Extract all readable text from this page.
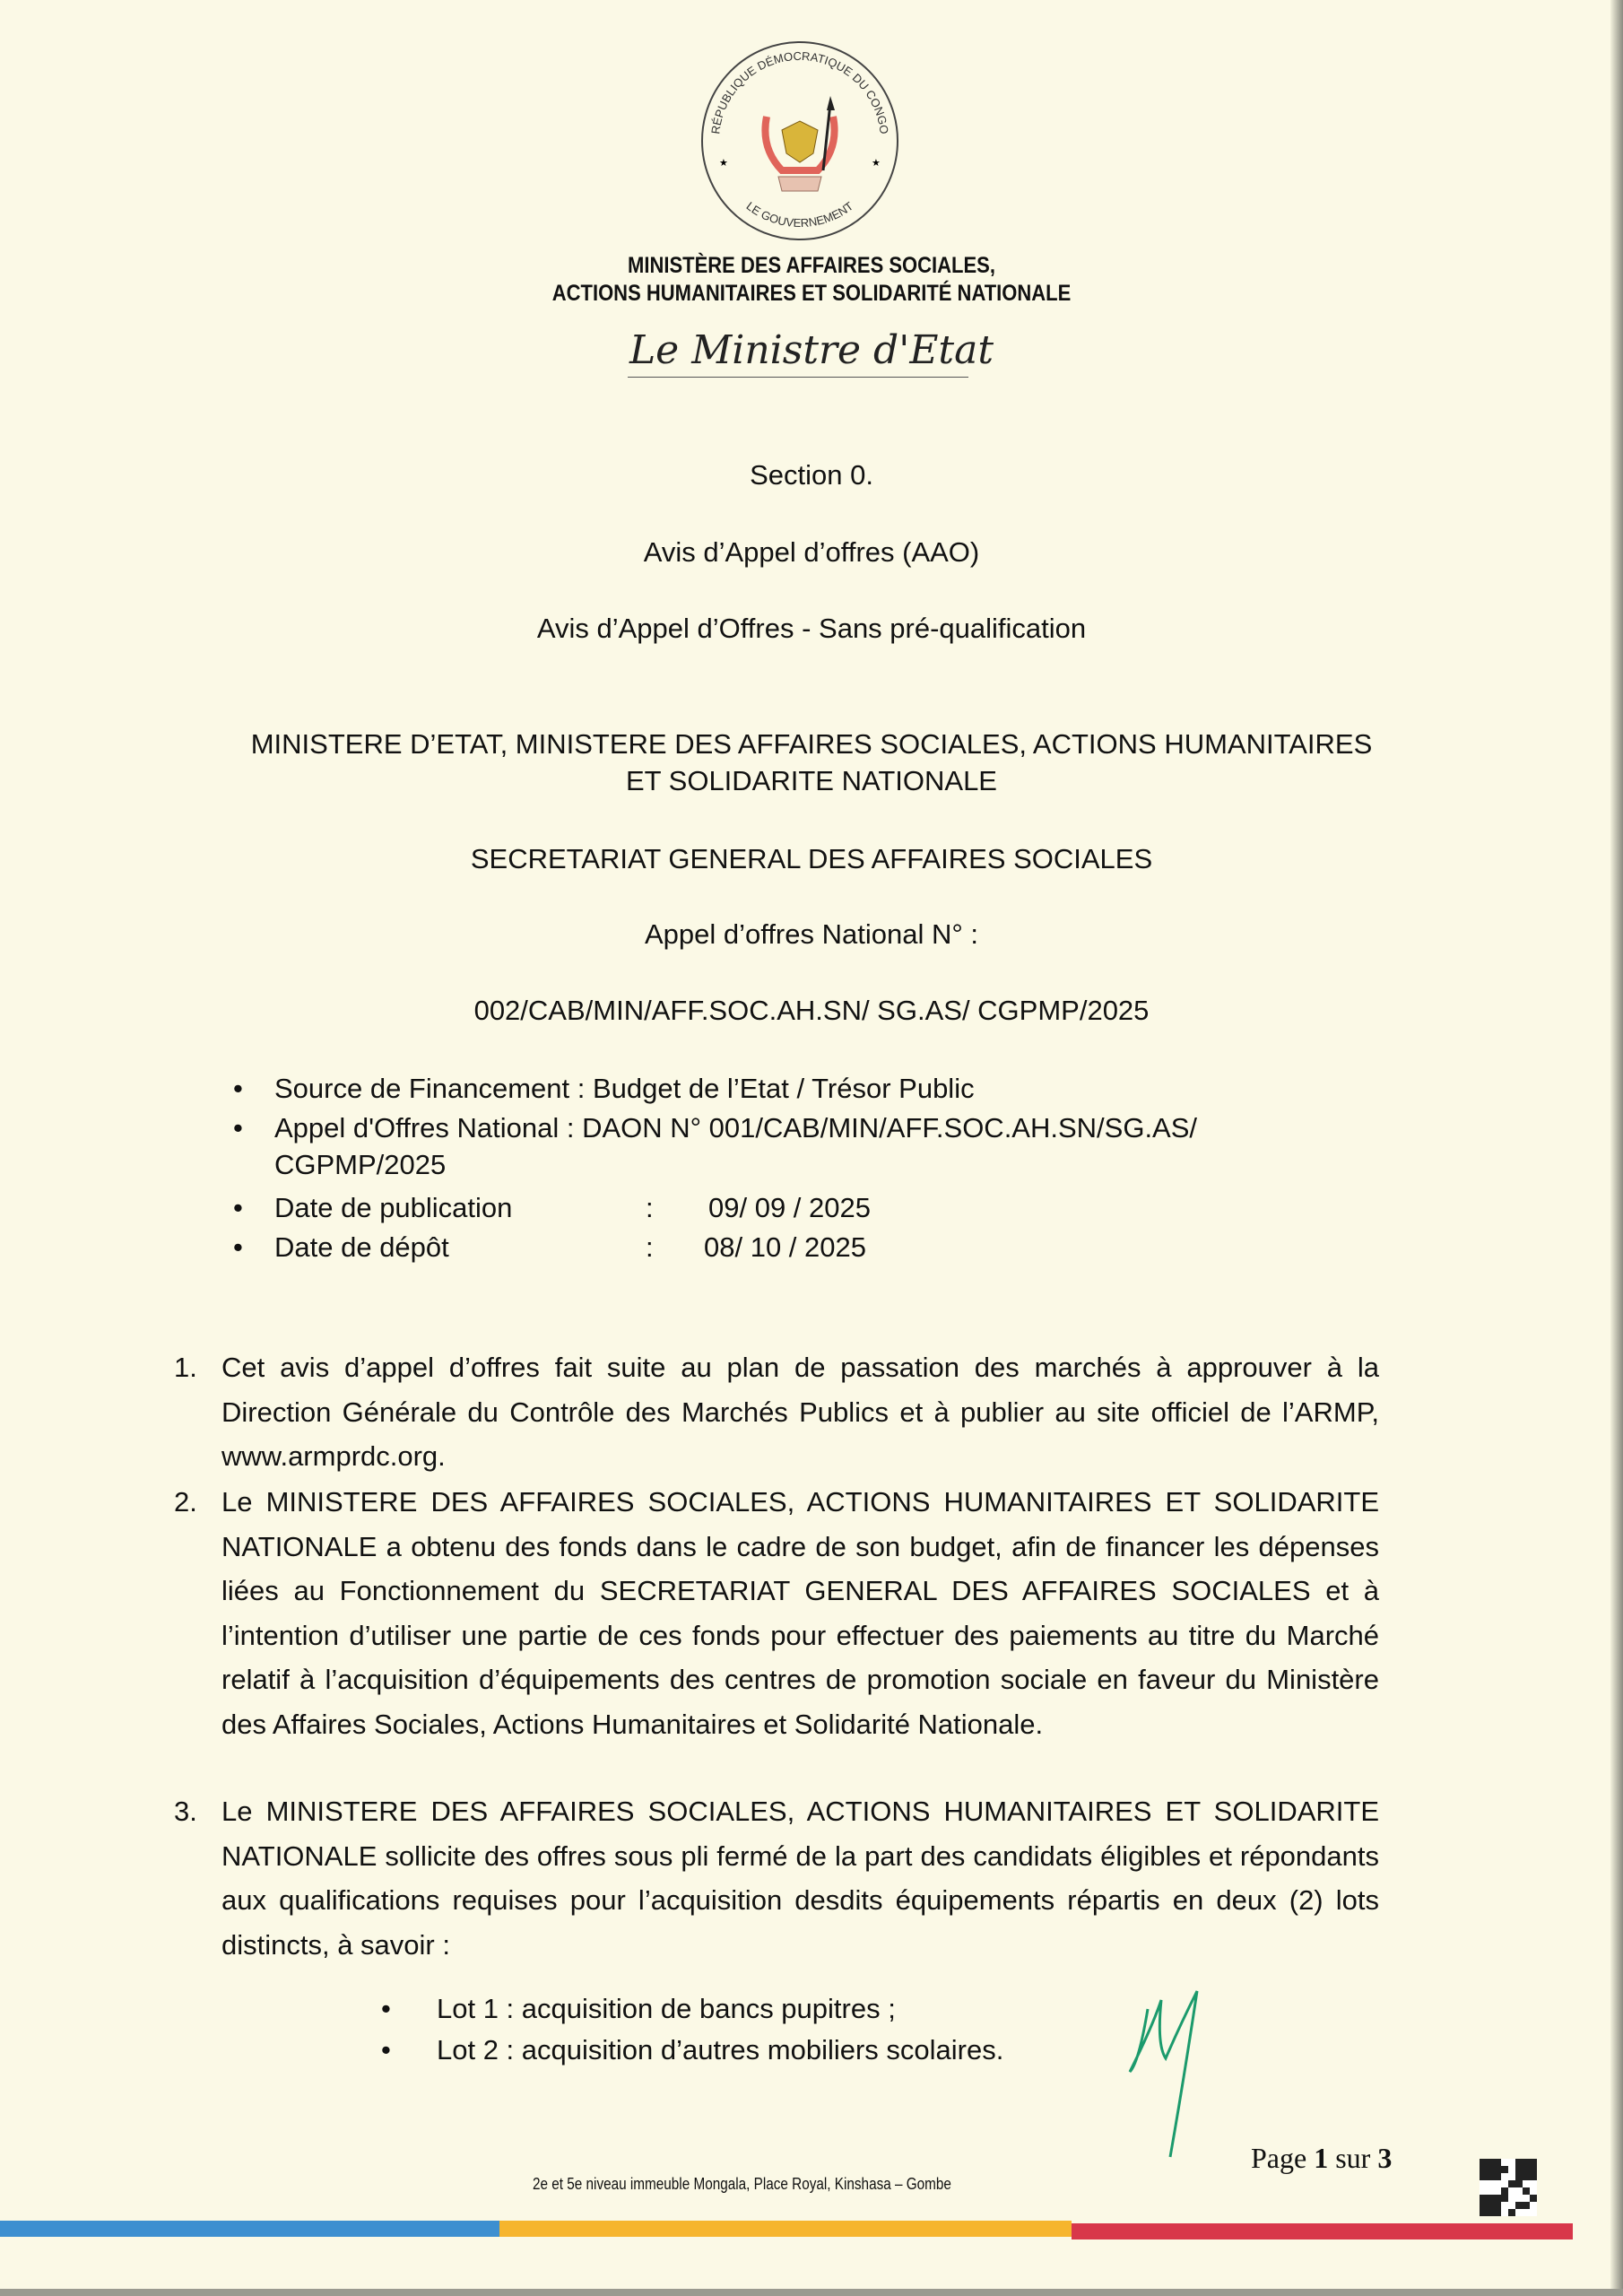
★	★
RÉPUBLIQUE DÉMOCRATIQUE DU CONGO
LE GOUVERNEMENT
MINISTÈRE DES AFFAIRES SOCIALES,
ACTIONS HUMANITAIRES ET SOLIDARITÉ NATIONALE
Le Ministre d'Etat
Section 0.
Avis d’Appel d’offres (AAO)
Avis d’Appel d’Offres - Sans pré-qualification
MINISTERE D’ETAT, MINISTERE DES AFFAIRES SOCIALES, ACTIONS HUMANITAIRES
ET SOLIDARITE NATIONALE
SECRETARIAT GENERAL DES AFFAIRES SOCIALES
Appel d’offres National N° :
002/CAB/MIN/AFF.SOC.AH.SN/ SG.AS/ CGPMP/2025
• Source de Financement : Budget de l’Etat / Trésor Public
• Appel d'Offres National : DAON N° 001/CAB/MIN/AFF.SOC.AH.SN/SG.AS/
CGPMP/2025
• Date de publication	: 09/ 09 / 2025
• Date de dépôt	: 08/ 10 / 2025
1. Cet avis d’appel d’offres fait suite au plan de passation des marchés à approuver à la Direction Générale du Contrôle des Marchés Publics et à publier au site officiel de l’ARMP, www.armprdc.org.
2. Le MINISTERE DES AFFAIRES SOCIALES, ACTIONS HUMANITAIRES ET SOLIDARITE NATIONALE a obtenu des fonds dans le cadre de son budget, afin de financer les dépenses liées au Fonctionnement du SECRETARIAT GENERAL DES AFFAIRES SOCIALES et à l’intention d’utiliser une partie de ces fonds pour effectuer des paiements au titre du Marché relatif à l’acquisition d’équipements des centres de promotion sociale en faveur du Ministère des Affaires Sociales, Actions Humanitaires et Solidarité Nationale.
3. Le MINISTERE DES AFFAIRES SOCIALES, ACTIONS HUMANITAIRES ET SOLIDARITE NATIONALE sollicite des offres sous pli fermé de la part des candidats éligibles et répondants aux qualifications requises pour l’acquisition desdits équipements répartis en deux (2) lots distincts, à savoir :
• Lot 1 : acquisition de bancs pupitres ;
• Lot 2 : acquisition d’autres mobiliers scolaires.
Page 1 sur 3
2e et 5e niveau immeuble Mongala, Place Royal, Kinshasa – Gombe
